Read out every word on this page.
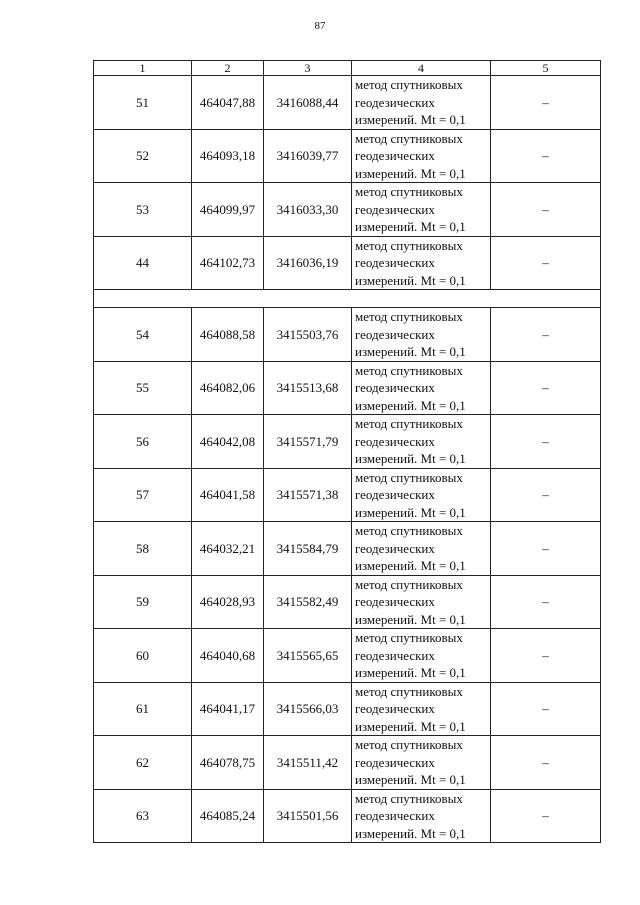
87
1	2	3	4	5
51	464047,88	3416088,44	метод спутниковых
геодезических
измерений. Mt = 0,1	–
52	464093,18	3416039,77	метод спутниковых
геодезических
измерений. Mt = 0,1	–
53	464099,97	3416033,30	метод спутниковых
геодезических
измерений. Mt = 0,1	–
44	464102,73	3416036,19	метод спутниковых
геодезических
измерений. Mt = 0,1	–

54	464088,58	3415503,76	метод спутниковых
геодезических
измерений. Mt = 0,1	–
55	464082,06	3415513,68	метод спутниковых
геодезических
измерений. Mt = 0,1	–
56	464042,08	3415571,79	метод спутниковых
геодезических
измерений. Mt = 0,1	–
57	464041,58	3415571,38	метод спутниковых
геодезических
измерений. Mt = 0,1	–
58	464032,21	3415584,79	метод спутниковых
геодезических
измерений. Mt = 0,1	–
59	464028,93	3415582,49	метод спутниковых
геодезических
измерений. Mt = 0,1	–
60	464040,68	3415565,65	метод спутниковых
геодезических
измерений. Mt = 0,1	–
61	464041,17	3415566,03	метод спутниковых
геодезических
измерений. Mt = 0,1	–
62	464078,75	3415511,42	метод спутниковых
геодезических
измерений. Mt = 0,1	–
63	464085,24	3415501,56	метод спутниковых
геодезических
измерений. Mt = 0,1	–
